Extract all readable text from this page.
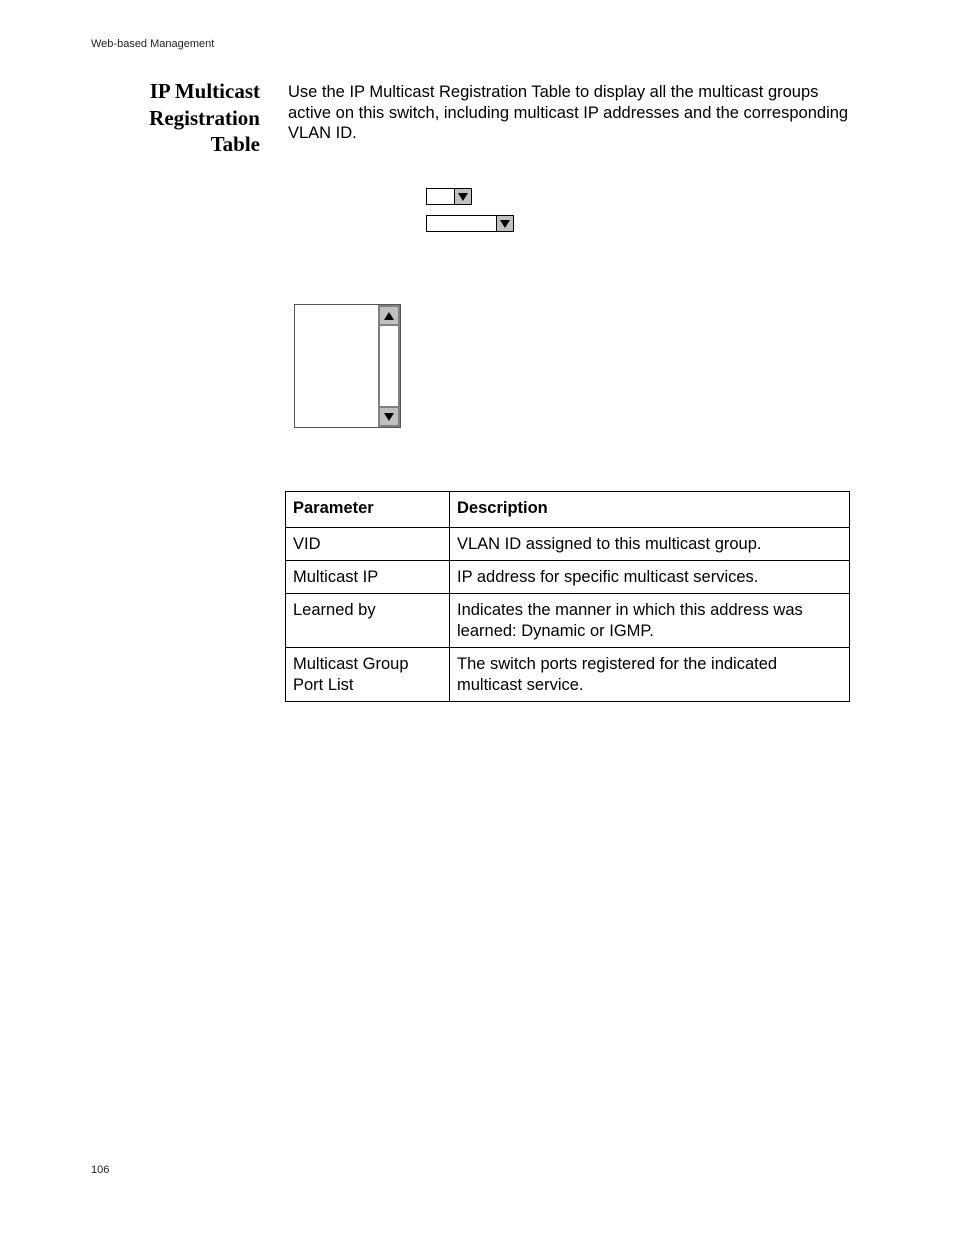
Web-based Management
IP Multicast
Registration
Table
Use the IP Multicast Registration Table to display all the multicast groups active on this switch, including multicast IP addresses and the corresponding VLAN ID.
Parameter	Description
VID	VLAN ID assigned to this multicast group.
Multicast IP	IP address for specific multicast services.
Learned by	Indicates the manner in which this address was learned: Dynamic or IGMP.
Multicast Group Port List	The switch ports registered for the indicated multicast service.
106
